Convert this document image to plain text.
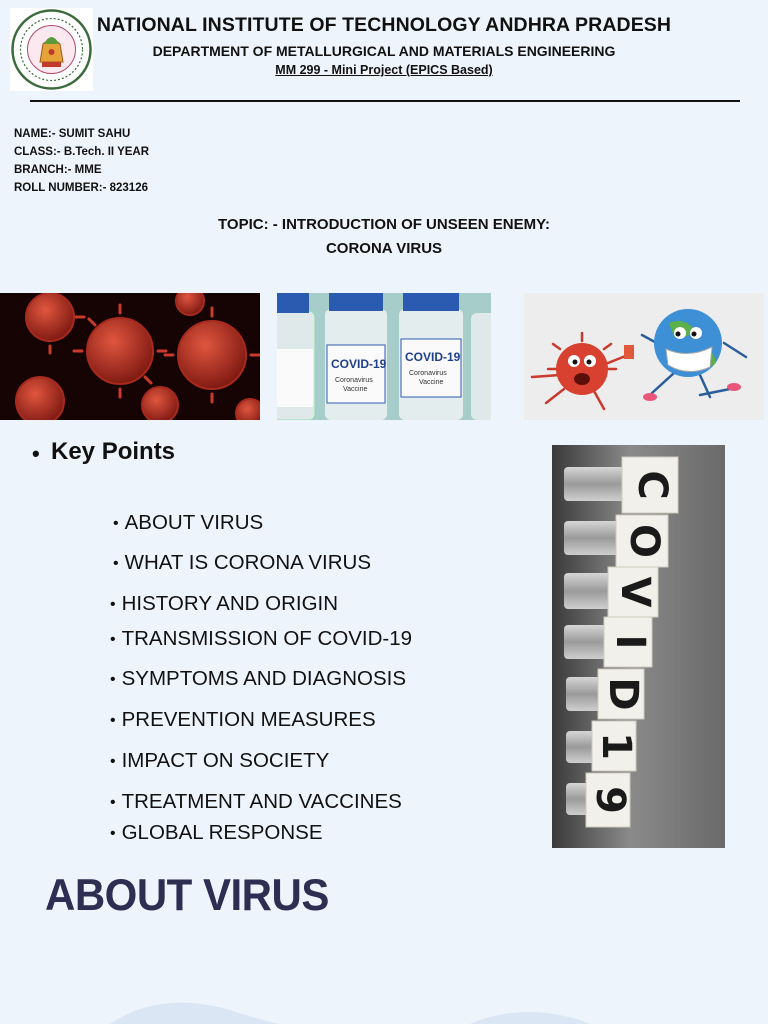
NATIONAL INSTITUTE OF TECHNOLOGY ANDHRA PRADESH
DEPARTMENT OF METALLURGICAL AND MATERIALS ENGINEERING
MM 299 - Mini Project (EPICS Based)
NAME:- SUMIT SAHU
CLASS:- B.Tech. II YEAR
BRANCH:- MME
ROLL NUMBER:- 823126
TOPIC: - INTRODUCTION OF UNSEEN ENEMY:
CORONA VIRUS
COVID-19
Coronavirus
Vaccine
COVID-19
Coronavirus
Vaccine
• Key Points
• ABOUT VIRUS
• WHAT IS CORONA VIRUS
• HISTORY AND ORIGIN
• TRANSMISSION OF COVID-19
• SYMPTOMS AND DIAGNOSIS
• PREVENTION MEASURES
• IMPACT ON SOCIETY
• TREATMENT AND VACCINES
• GLOBAL RESPONSE
C
O
V
I
D
1
9
ABOUT VIRUS
